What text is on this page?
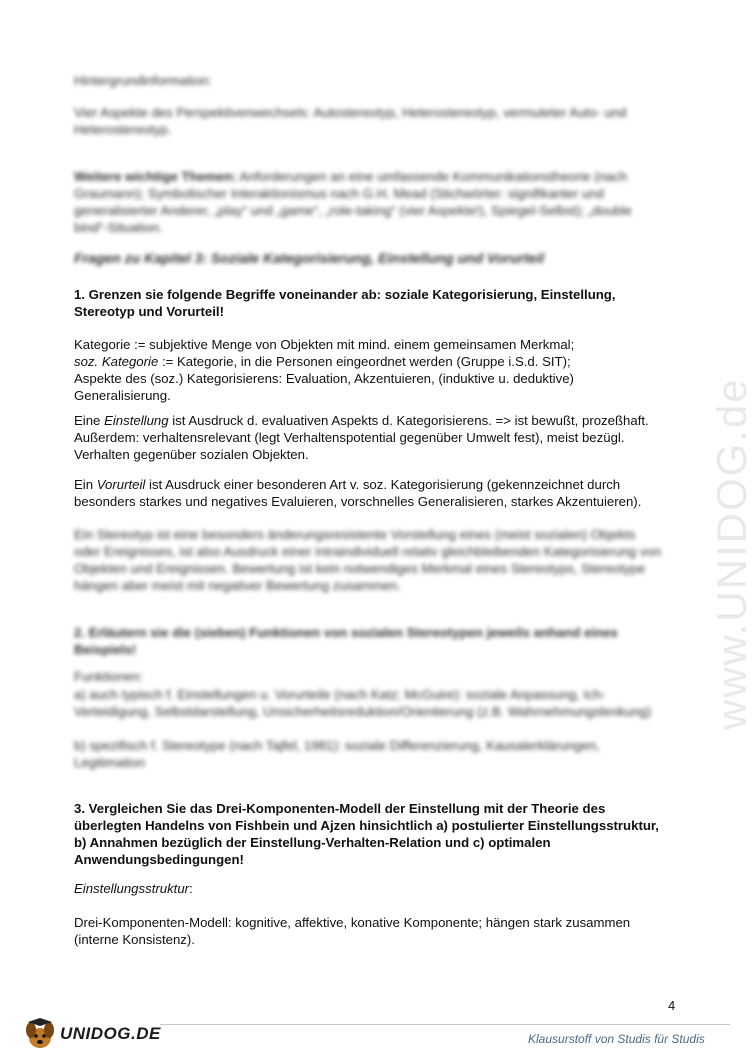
www.UNIDOG.de

Hintergrundinformation:

Vier Aspekte des Perspektivenwechsels: Autostereotyp, Heterostereotyp, vermuteter Auto- und Heterostereotyp.

Weitere wichtige Themen: Anforderungen an eine umfassende Kommunikationstheorie (nach Graumann); Symbolischer Interaktionismus nach G.H. Mead (Stichwörter: signifikanter und generalisierter Anderer, „play“ und „game“, „role-taking“ (vier Aspekte!), Spiegel-Selbst); „double bind“-Situation.

Fragen zu Kapitel 3: Soziale Kategorisierung, Einstellung und Vorurteil

1. Grenzen sie folgende Begriffe voneinander ab: soziale Kategorisierung, Einstellung, Stereotyp und Vorurteil!

Kategorie := subjektive Menge von Objekten mit mind. einem gemeinsamen Merkmal;
soz. Kategorie := Kategorie, in die Personen eingeordnet werden (Gruppe i.S.d. SIT);
Aspekte des (soz.) Kategorisierens: Evaluation, Akzentuieren, (induktive u. deduktive) Generalisierung.

Eine Einstellung ist Ausdruck d. evaluativen Aspekts d. Kategorisierens. => ist bewußt, prozeßhaft. Außerdem: verhaltensrelevant (legt Verhaltenspotential gegenüber Umwelt fest), meist bezügl. Verhalten gegenüber sozialen Objekten.

Ein Vorurteil ist Ausdruck einer besonderen Art v. soz. Kategorisierung (gekennzeichnet durch besonders starkes und negatives Evaluieren, vorschnelles Generalisieren, starkes Akzentuieren).

Ein Stereotyp ist eine besonders änderungsresistente Vorstellung eines (meist sozialen) Objekts oder Ereignisses, ist also Ausdruck einer intraindividuell relativ gleichbleibenden Kategorisierung von Objekten und Ereignissen. Bewertung ist kein notwendiges Merkmal eines Stereotyps, Stereotype hängen aber meist mit negativer Bewertung zusammen.

2. Erläutern sie die (sieben) Funktionen von sozialen Stereotypen jeweils anhand eines Beispiels!

Funktionen:

a) auch typisch f. Einstellungen u. Vorurteile (nach Katz; McGuire): soziale Anpassung, Ich-Verteidigung, Selbstdarstellung, Unsicherheitsreduktion/Orientierung (z.B. Wahrnehmungslenkung)

b) spezifisch f. Stereotype (nach Tajfel, 1981): soziale Differenzierung, Kausalerklärungen, Legitimation

3. Vergleichen Sie das Drei-Komponenten-Modell der Einstellung mit der Theorie des überlegten Handelns von Fishbein und Ajzen hinsichtlich a) postulierter Einstellungsstruktur, b) Annahmen bezüglich der Einstellung-Verhalten-Relation und c) optimalen Anwendungsbedingungen!

Einstellungsstruktur:

Drei-Komponenten-Modell: kognitive, affektive, konative Komponente; hängen stark zusammen (interne Konsistenz).

4
UNIDOG.DE	Klausurstoff von Studis für Studis
